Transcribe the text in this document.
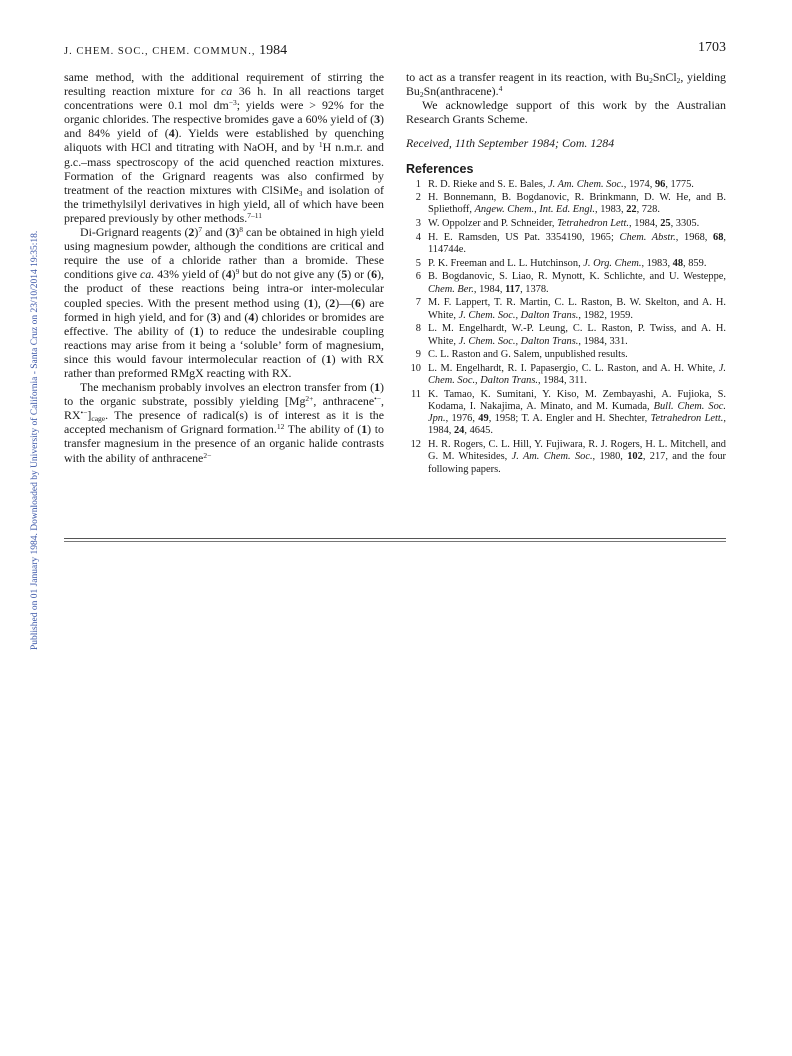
J. CHEM. SOC., CHEM. COMMUN., 1984	1703
Published on 01 January 1984. Downloaded by University of California - Santa Cruz on 23/10/2014 19:35:18.

same method, with the additional requirement of stirring the resulting reaction mixture for ca 36 h. In all reactions target concentrations were 0.1 mol $dm^{-3}$; yields were > 92% for the organic chlorides. The respective bromides gave a 60% yield of (3) and 84% yield of (4). Yields were established by quenching aliquots with HCl and titrating with NaOH, and by $^1$H n.m.r. and g.c.–mass spectroscopy of the acid quenched reaction mixtures. Formation of the Grignard reagents was also confirmed by treatment of the reaction mixtures with ClSiMe$_3$ and isolation of the trimethylsilyl derivatives in high yield, all of which have been prepared previously by other methods.$^{7-11}$

Di-Grignard reagents $(2)^7$ and $(3)^8$ can be obtained in high yield using magnesium powder, although the conditions are critical and require the use of a chloride rather than a bromide. These conditions give ca. 43% yield of $(4)^9$ but do not give any (5) or (6), the product of these reactions being intra-or inter-molecular coupled species. With the present method using (1), (2)—(6) are formed in high yield, and for (3) and (4) chlorides or bromides are effective. The ability of (1) to reduce the undesirable coupling reactions may arise from it being a ‘soluble’ form of magnesium, since this would favour intermolecular reaction of (1) with RX rather than preformed RMgX reacting with RX.

The mechanism probably involves an electron transfer from (1) to the organic substrate, possibly yielding [$Mg^{2+}$, anthracene•−, $RX^{•-}]_{cage}$. The presence of radical(s) is of interest as it is the accepted mechanism of Grignard formation.$^{12}$ The ability of (1) to transfer magnesium in the presence of an organic halide contrasts with the ability of anthracene$^{2-}$

to act as a transfer reagent in its reaction, with $Bu_2SnCl_2$, yielding $Bu_2Sn(anthracene).^4$

We acknowledge support of this work by the Australian Research Grants Scheme.

Received, 11th September 1984; Com. 1284

References
1 R. D. Rieke and S. E. Bales, J. Am. Chem. Soc., 1974, 96, 1775.
2 H. Bonnemann, B. Bogdanovic, R. Brinkmann, D. W. He, and B. Spliethoff, Angew. Chem., Int. Ed. Engl., 1983, 22, 728.
3 W. Oppolzer and P. Schneider, Tetrahedron Lett., 1984, 25, 3305.
4 H. E. Ramsden, US Pat. 3354190, 1965; Chem. Abstr., 1968, 68, 114744e.
5 P. K. Freeman and L. L. Hutchinson, J. Org. Chem., 1983, 48, 859.
6 B. Bogdanovic, S. Liao, R. Mynott, K. Schlichte, and U. Westeppe, Chem. Ber., 1984, 117, 1378.
7 M. F. Lappert, T. R. Martin, C. L. Raston, B. W. Skelton, and A. H. White, J. Chem. Soc., Dalton Trans., 1982, 1959.
8 L. M. Engelhardt, W.-P. Leung, C. L. Raston, P. Twiss, and A. H. White, J. Chem. Soc., Dalton Trans., 1984, 331.
9 C. L. Raston and G. Salem, unpublished results.
10 L. M. Engelhardt, R. I. Papasergio, C. L. Raston, and A. H. White, J. Chem. Soc., Dalton Trans., 1984, 311.
11 K. Tamao, K. Sumitani, Y. Kiso, M. Zembayashi, A. Fujioka, S. Kodama, I. Nakajima, A. Minato, and M. Kumada, Bull. Chem. Soc. Jpn., 1976, 49, 1958; T. A. Engler and H. Shechter, Tetrahedron Lett., 1984, 24, 4645.
12 H. R. Rogers, C. L. Hill, Y. Fujiwara, R. J. Rogers, H. L. Mitchell, and G. M. Whitesides, J. Am. Chem. Soc., 1980, 102, 217, and the four following papers.
